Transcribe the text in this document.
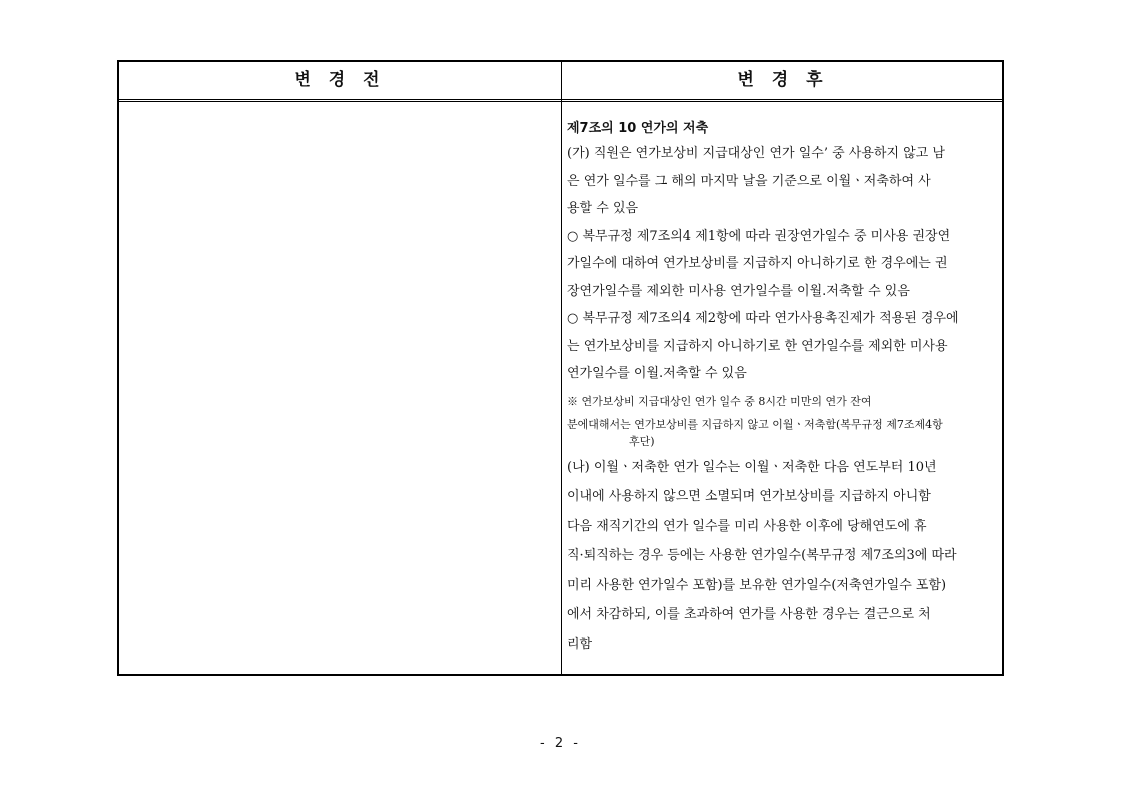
변 경 전	변 경 후

제7조의 10 연가의 저축

(가) 직원은 연가보상비 지급대상인 연가 일수’ 중 사용하지 않고 남

은 연가 일수를 그 해의 마지막 날을 기준으로 이월ㆍ저축하여 사

용할 수 있음

○ 복무규정 제7조의4 제1항에 따라 권장연가일수 중 미사용 권장연

가일수에 대하여 연가보상비를 지급하지 아니하기로 한 경우에는 권

장연가일수를 제외한 미사용 연가일수를 이월.저축할 수 있음

○ 복무규정 제7조의4 제2항에 따라 연가사용촉진제가 적용된 경우에

는 연가보상비를 지급하지 아니하기로 한 연가일수를 제외한 미사용

연가일수를 이월.저축할 수 있음

※ 연가보상비 지급대상인 연가 일수 중 8시간 미만의 연가 잔여

분에대해서는 연가보상비를 지급하지 않고 이월ㆍ저축함(복무규정 제7조제4항

후단)

(나) 이월ㆍ저축한 연가 일수는 이월ㆍ저축한 다음 연도부터 10년

이내에 사용하지 않으면 소멸되며 연가보상비를 지급하지 아니함

다음 재직기간의 연가 일수를 미리 사용한 이후에 당해연도에 휴

직·퇴직하는 경우 등에는 사용한 연가일수(복무규정 제7조의3에 따라

미리 사용한 연가일수 포함)를 보유한 연가일수(저축연가일수 포함)

에서 차감하되, 이를 초과하여 연가를 사용한 경우는 결근으로 처

리함

- 2 -
